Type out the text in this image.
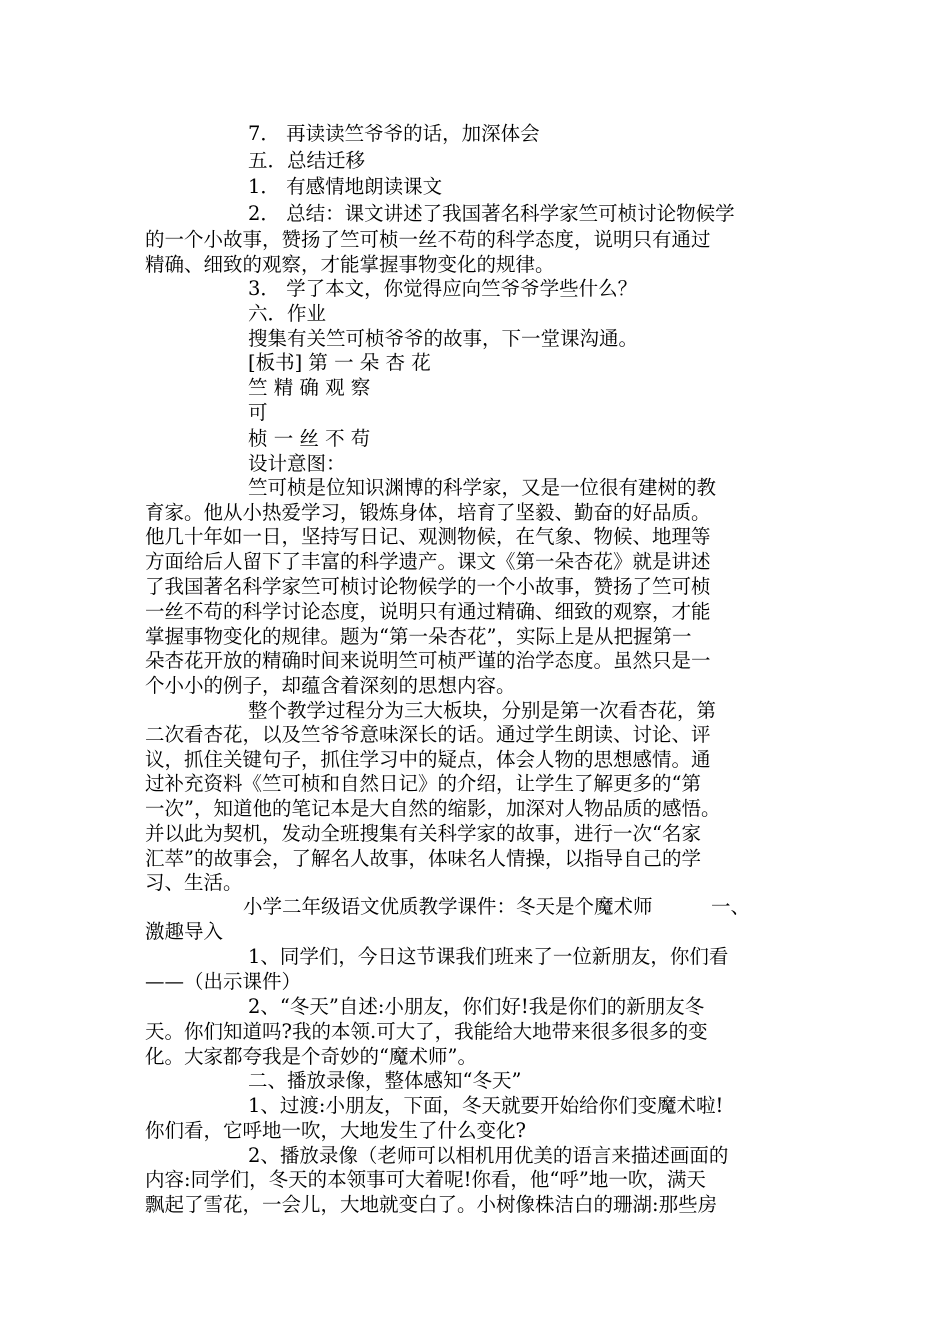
7． 再读读竺爷爷的话，加深体会
五．总结迁移
1． 有感情地朗读课文
2． 总结：课文讲述了我国著名科学家竺可桢讨论物候学
的一个小故事，赞扬了竺可桢一丝不苟的科学态度，说明只有通过
精确、细致的观察，才能掌握事物变化的规律。
3． 学了本文，你觉得应向竺爷爷学些什么？
六．作业
搜集有关竺可桢爷爷的故事，下一堂课沟通。
[板书] 第 一 朵 杏 花
竺 精 确 观 察
可
桢 一 丝 不 苟
设计意图：
竺可桢是位知识渊博的科学家，又是一位很有建树的教
育家。他从小热爱学习，锻炼身体，培育了坚毅、勤奋的好品质。
他几十年如一日，坚持写日记、观测物候，在气象、物候、地理等
方面给后人留下了丰富的科学遗产。课文《第一朵杏花》就是讲述
了我国著名科学家竺可桢讨论物候学的一个小故事，赞扬了竺可桢
一丝不苟的科学讨论态度，说明只有通过精确、细致的观察，才能
掌握事物变化的规律。题为“第一朵杏花”，实际上是从把握第一
朵杏花开放的精确时间来说明竺可桢严谨的治学态度。虽然只是一
个小小的例子，却蕴含着深刻的思想内容。
整个教学过程分为三大板块，分别是第一次看杏花，第
二次看杏花，以及竺爷爷意味深长的话。通过学生朗读、讨论、评
议，抓住关键句子，抓住学习中的疑点，体会人物的思想感情。通
过补充资料《竺可桢和自然日记》的介绍，让学生了解更多的“第
一次”，知道他的笔记本是大自然的缩影，加深对人物品质的感悟。
并以此为契机，发动全班搜集有关科学家的故事，进行一次“名家
汇萃”的故事会，了解名人故事，体味名人情操，以指导自己的学
习、生活。
小学二年级语文优质教学课件：冬天是个魔术师　　　一、
激趣导入
1、同学们，今日这节课我们班来了一位新朋友，你们看
——（出示课件）
2、“冬天”自述:小朋友，你们好!我是你们的新朋友冬
天。你们知道吗?我的本领.可大了，我能给大地带来很多很多的变
化。大家都夸我是个奇妙的“魔术师”。
二、播放录像，整体感知“冬天”
1、过渡:小朋友，下面，冬天就要开始给你们变魔术啦!
你们看，它呼地一吹，大地发生了什么变化?
2、播放录像（老师可以相机用优美的语言来描述画面的
内容:同学们，冬天的本领事可大着呢!你看，他“呼”地一吹，满天
飘起了雪花，一会儿，大地就变白了。小树像株洁白的珊湖:那些房
